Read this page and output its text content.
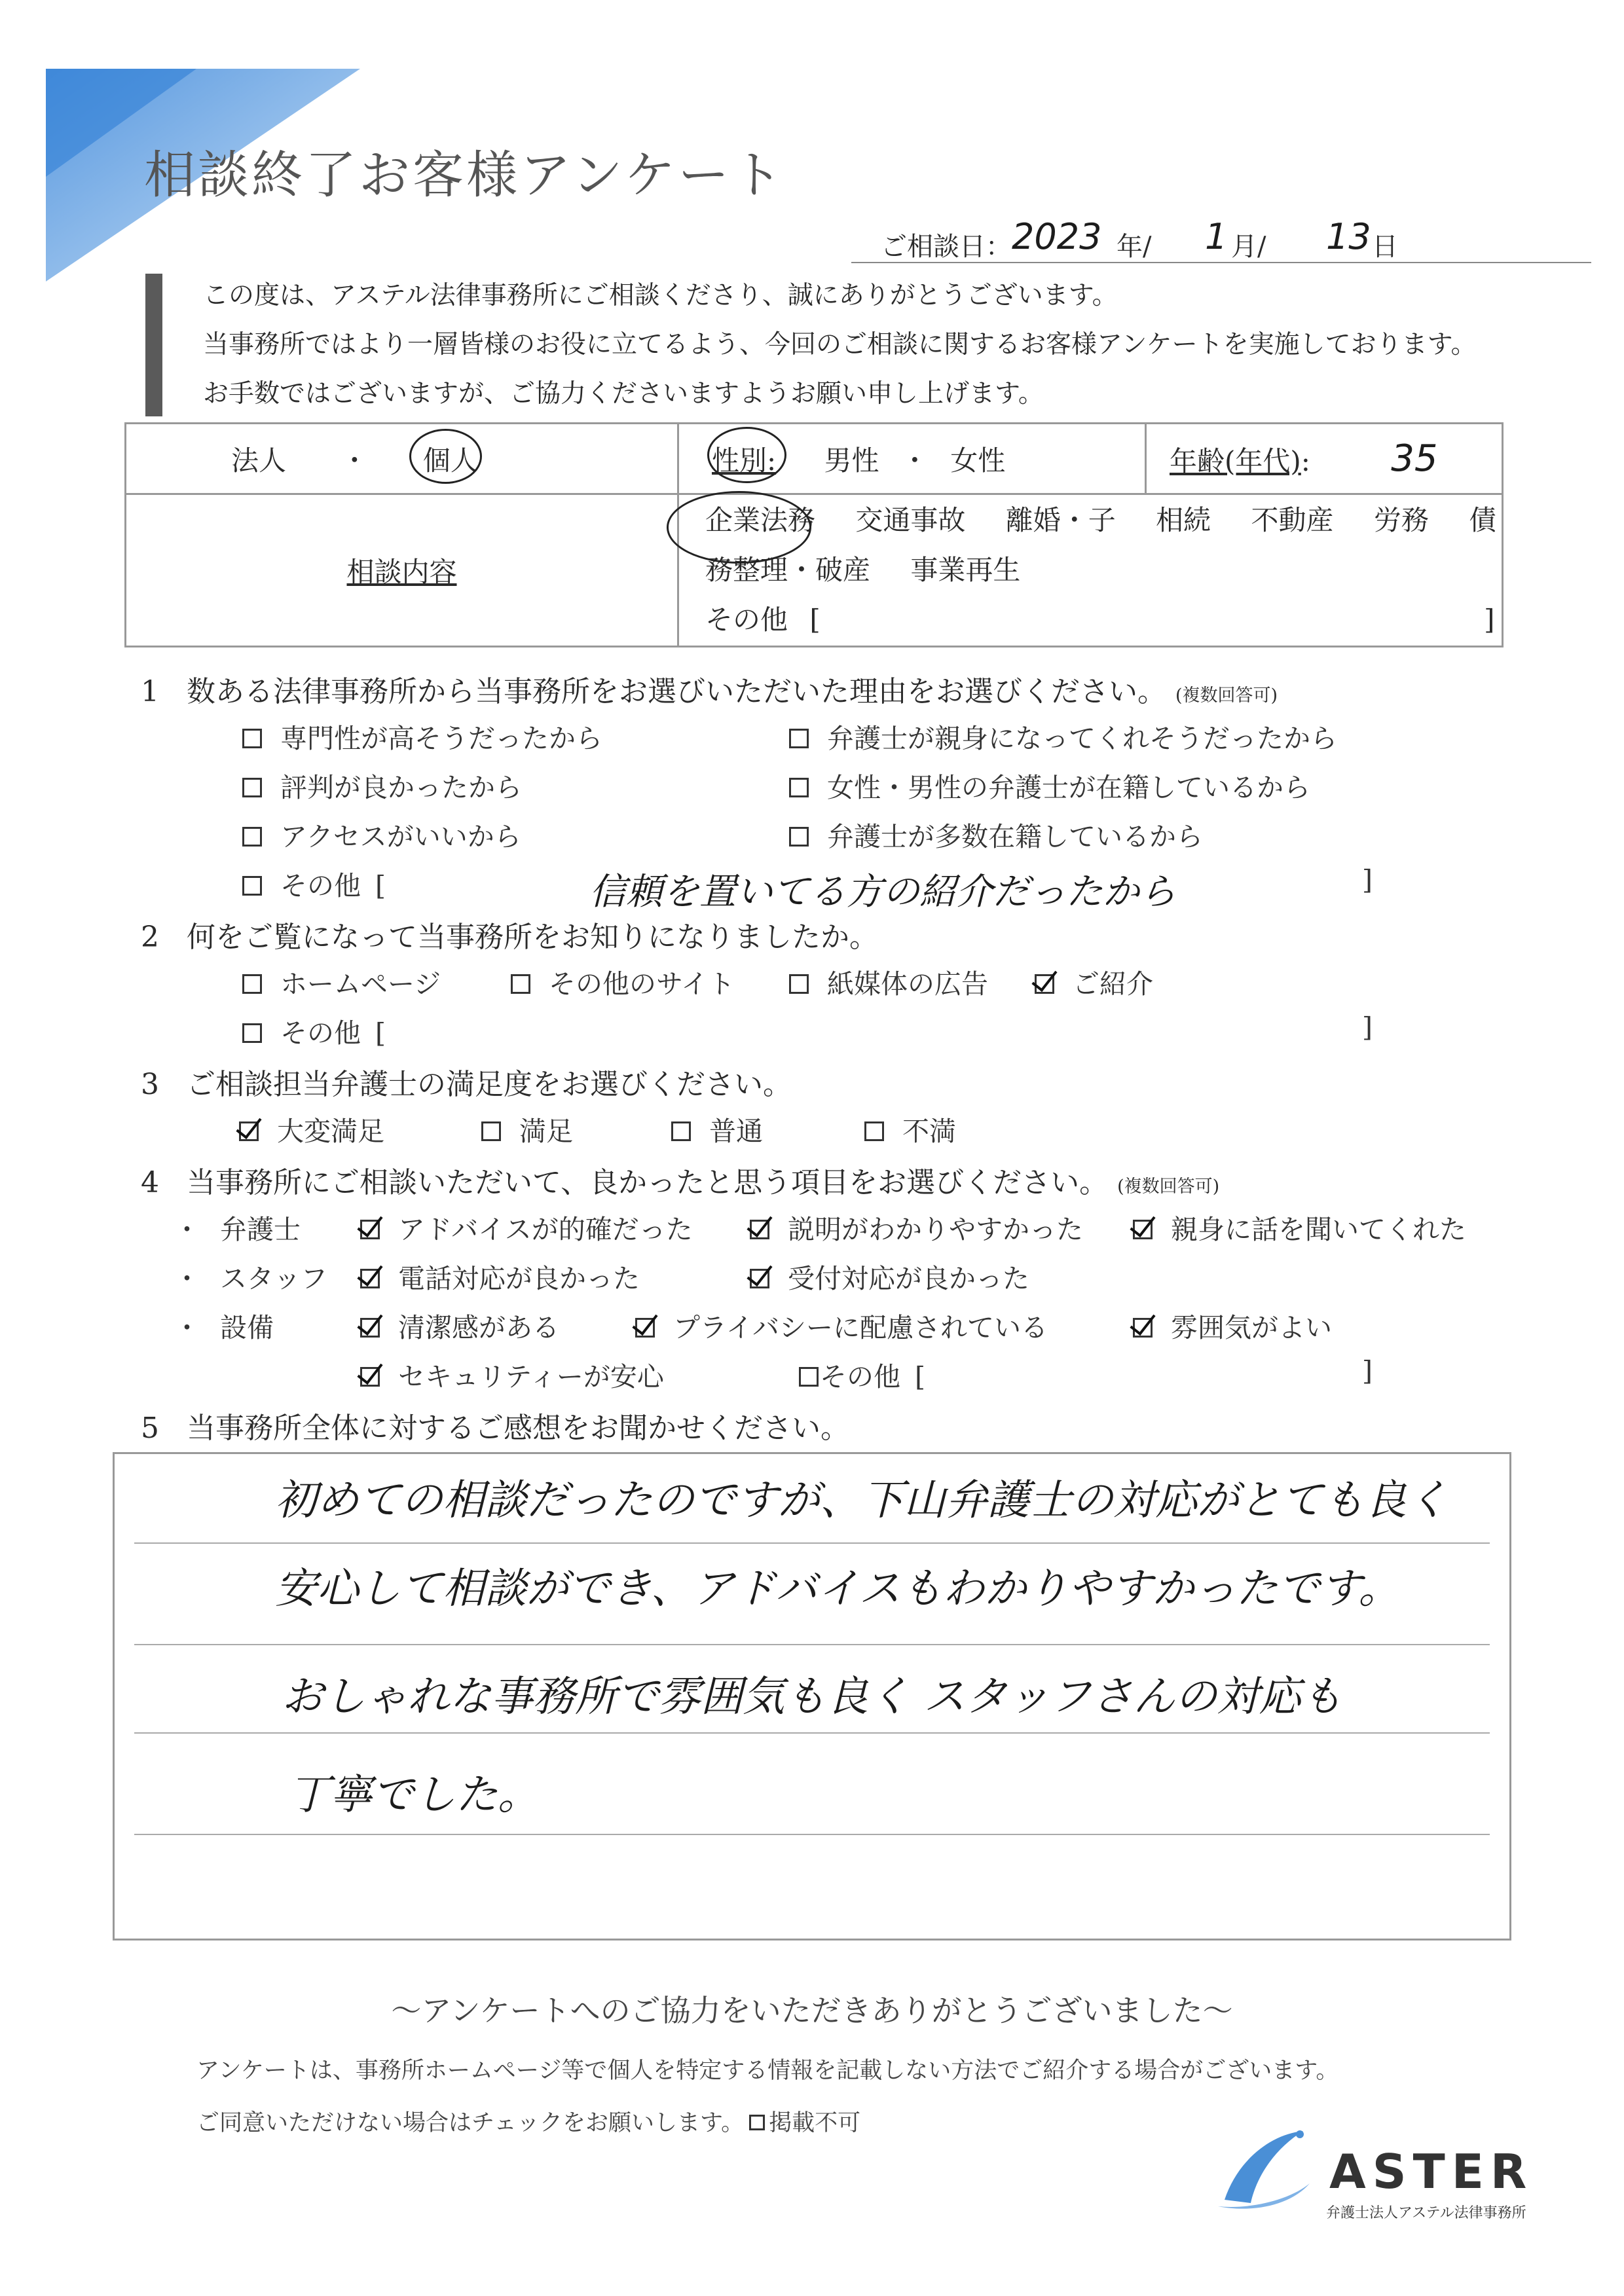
相談終了お客様アンケート
ご相談日： 2023 年/ 1 月/ 13 日
この度は、アステル法律事務所にご相談くださり、誠にありがとうございます。
当事務所ではより一層皆様のお役に立てるよう、今回のご相談に関するお客様アンケートを実施しております。
お手数ではございますが、ご協力くださいますようお願い申し上げます。
法人 ・ 個人	性別: 男性 ・ 女性	年齢(年代): 35
相談内容	企業法務 交通事故 離婚・子 相続 不動産 労務 債務整理・破産 事業再生
その他 [ ]	
1 数ある法律事務所から当事務所をお選びいただいた理由をお選びください。 (複数回答可)
専門性が高そうだったから
評判が良かったから
アクセスがいいから
弁護士が親身になってくれそうだったから
女性・男性の弁護士が在籍しているから
弁護士が多数在籍しているから
その他 [	信頼を置いてる方の紹介だったから	]
2 何をご覧になって当事務所をお知りになりましたか。
ホームページ	その他のサイト	紙媒体の広告	ご紹介
その他 [	]
3 ご相談担当弁護士の満足度をお選びください。
大変満足	満足	普通	不満
4 当事務所にご相談いただいて、良かったと思う項目をお選びください。 (複数回答可)
・ 弁護士	アドバイスが的確だった	説明がわかりやすかった	親身に話を聞いてくれた
・ スタッフ	電話対応が良かった	受付対応が良かった
・ 設備	清潔感がある	プライバシーに配慮されている	雰囲気がよい
セキュリティーが安心	その他 [	]
5 当事務所全体に対するご感想をお聞かせください。
初めての相談だったのですが、下山弁護士の対応がとても良く
安心して相談ができ、アドバイスもわかりやすかったです。
おしゃれな事務所で雰囲気も良く スタッフさんの対応も
丁寧でした。
～アンケートへのご協力をいただきありがとうございました～
アンケートは、事務所ホームページ等で個人を特定する情報を記載しない方法でご紹介する場合がございます。
ご同意いただけない場合はチェックをお願いします。 掲載不可
ASTER
弁護士法人アステル法律事務所
